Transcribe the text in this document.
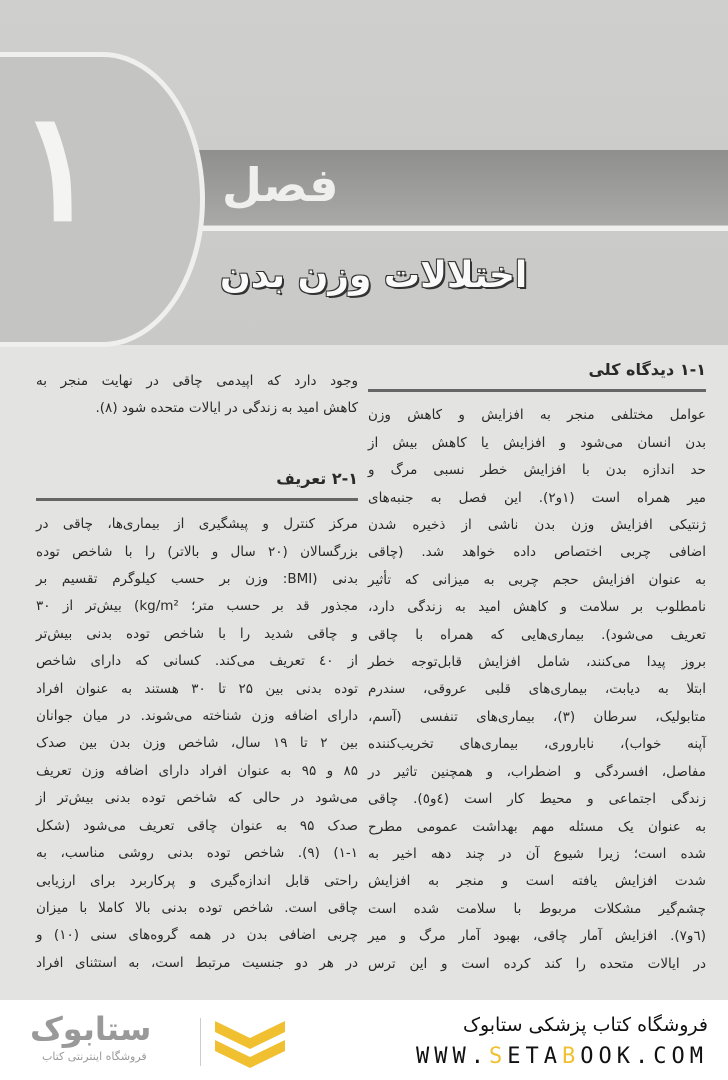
۱	فصل
اختلالات وزن بدن
۱-۱ دیدگاه کلی
عوامل مختلفی منجر به افزایش و کاهش وزن
بدن انسان می‌شود و افزایش یا کاهش بیش از
حد اندازه بدن با افزایش خطر نسبی مرگ و
میر همراه است (۱و۲). این فصل به جنبه‌های
ژنتیکی افزایش وزن بدن ناشی از ذخیره شدن
اضافی چربی اختصاص داده خواهد شد. (چاقی
به عنوان افزایش حجم چربی به میزانی که تأثیر
نامطلوب بر سلامت و کاهش امید به زندگی دارد،
تعریف می‌شود). بیماری‌هایی که همراه با چاقی
بروز پیدا می‌کنند، شامل افزایش قابل‌توجه خطر
ابتلا به دیابت، بیماری‌های قلبی عروقی، سندرم
متابولیک، سرطان (۳)، بیماری‌های تنفسی (آسم،
آپنه خواب)، ناباروری، بیماری‌های تخریب‌کننده
مفاصل، افسردگی و اضطراب، و همچنین تاثیر در
زندگی اجتماعی و محیط کار است (٤و٥). چاقی
به عنوان یک مسئله مهم بهداشت عمومی مطرح
شده است؛ زیرا شیوع آن در چند دهه اخیر به
شدت افزایش یافته است و منجر به افزایش
چشم‌گیر مشکلات مربوط با سلامت شده است
(٦و٧). افزایش آمار چاقی، بهبود آمار مرگ و میر
در ایالات متحده را کند کرده است و این ترس
وجود دارد که اپیدمی چاقی در نهایت منجر به
کاهش امید به زندگی در ایالات متحده شود (۸).
۲-۱ تعریف
مرکز کنترل و پیشگیری از بیماری‌ها، چاقی در
بزرگسالان (۲۰ سال و بالاتر) را با شاخص توده
بدنی (BMI: وزن بر حسب کیلوگرم تقسیم بر
مجذور قد بر حسب متر؛ kg/m²) بیش‌تر از ۳۰
و چاقی شدید را با شاخص توده بدنی بیش‌تر
از ٤۰ تعریف می‌کند. کسانی که دارای شاخص
توده بدنی بین ۲۵ تا ۳۰ هستند به عنوان افراد
دارای اضافه وزن شناخته می‌شوند. در میان جوانان
بین ۲ تا ۱۹ سال، شاخص وزن بدن بین صدک
۸۵ و ۹۵ به عنوان افراد دارای اضافه وزن تعریف
می‌شود در حالی که شاخص توده بدنی بیش‌تر از
صدک ۹۵ به عنوان چاقی تعریف می‌شود (شکل
۱-۱) (۹). شاخص توده بدنی روشی مناسب، به
راحتی قابل اندازه‌گیری و پرکاربرد برای ارزیابی
چاقی است. شاخص توده بدنی بالا کاملا با میزان
چربی اضافی بدن در همه گروه‌های سنی (۱۰) و
در هر دو جنسیت مرتبط است، به استثنای افراد
ستابوک
فروشگاه اینترنتی کتاب
فروشگاه کتاب پزشکی ستابوک
WWW.SETABOOK.COM
